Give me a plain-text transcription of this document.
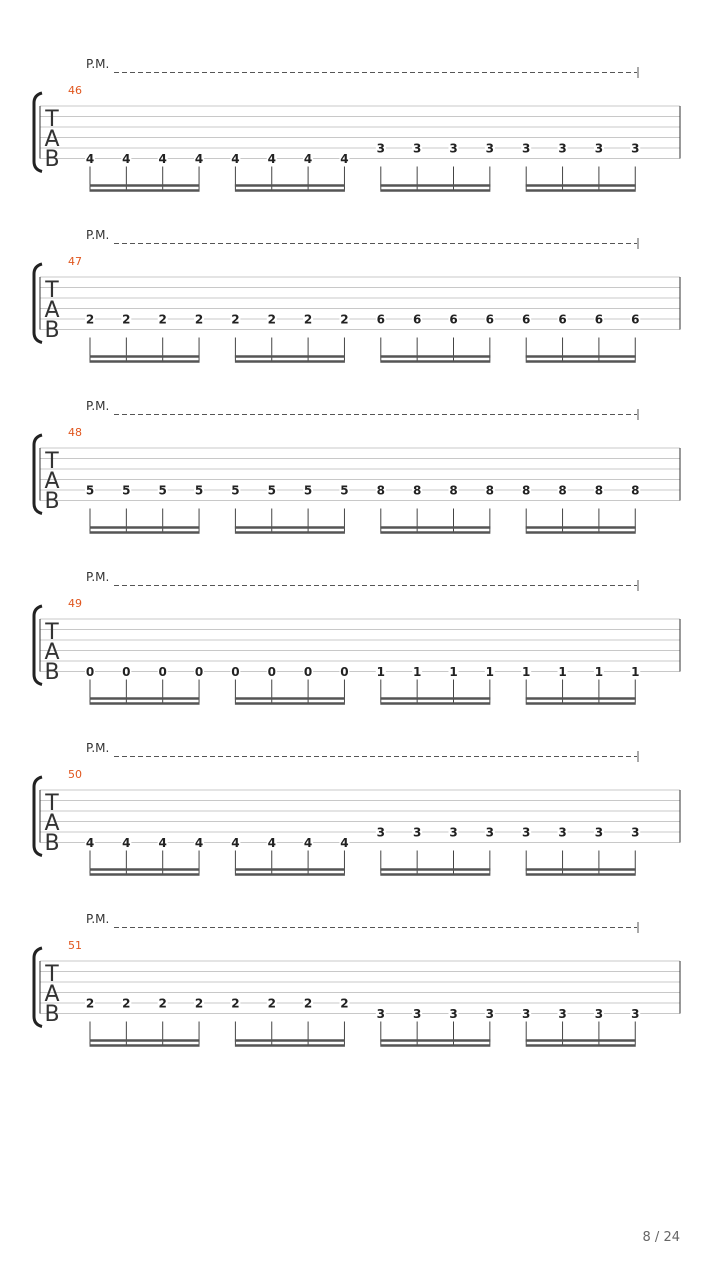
P.M.
46
T
A
B 4 4 4 4 4 4 4 4
3 3 3 3 3 3 3 3
P.M.
47
T
A
B 2 2 2 2 2 2 2 2 6 6 6 6 6 6 6 6
P.M.
48
T
A
B 5 5 5 5 5 5 5 5 8 8 8 8 8 8 8 8
P.M.
49
T
A
B 0 0 0 0 0 0 0 0 1 1 1 1 1 1 1 1
P.M.
50
T
A
B 4 4 4 4 4 4 4 4
3 3 3 3 3 3 3 3
P.M.
51
T
A
B 2 2 2 2 2 2 2 2
3 3 3 3 3 3 3 3
8 / 24
